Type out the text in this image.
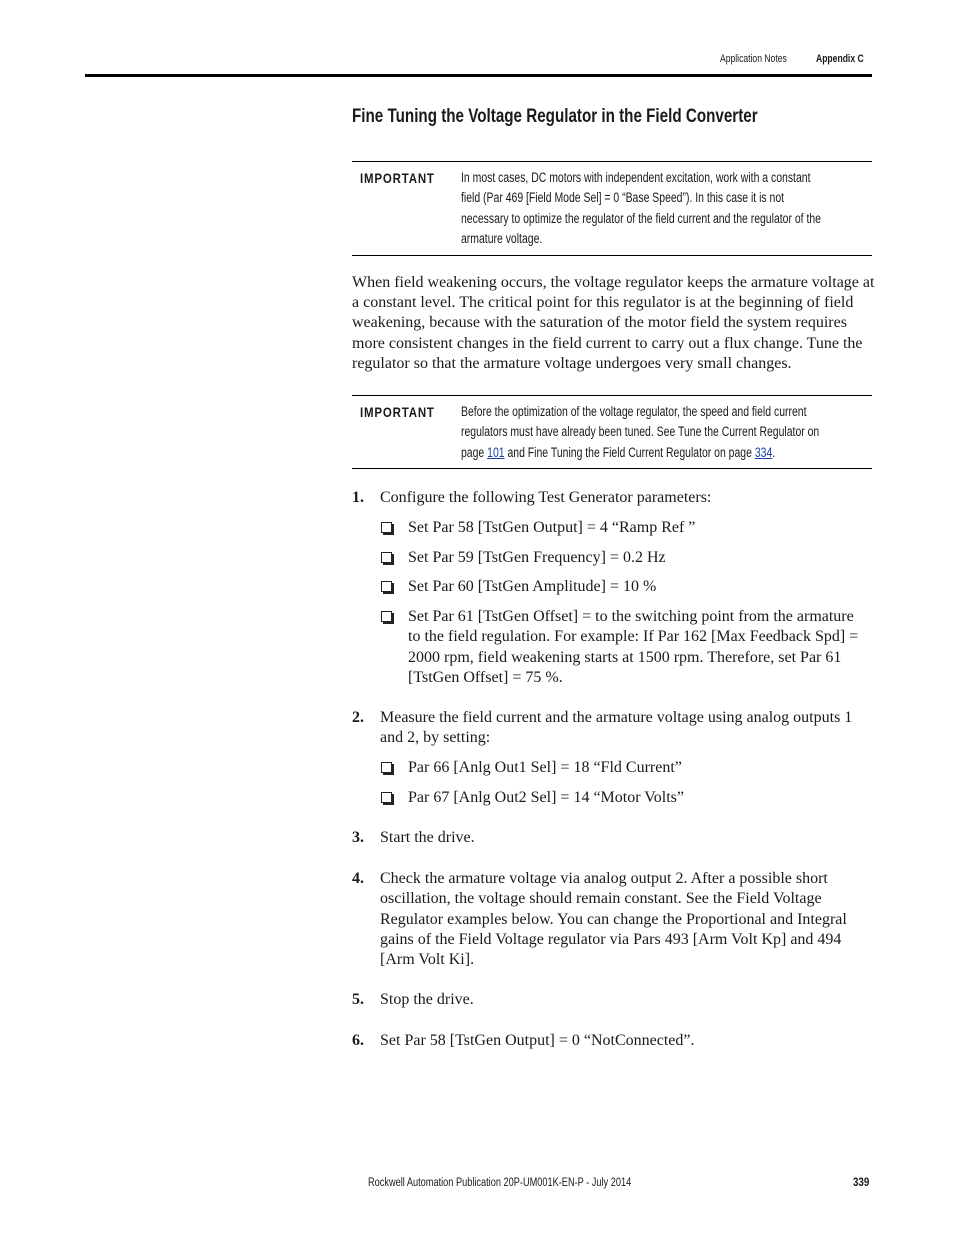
Application Notes	Appendix C
Fine Tuning the Voltage Regulator in the Field Converter
IMPORTANT	In most cases, DC motors with independent excitation, work with a constant
field (Par 469 [Field Mode Sel] = 0 “Base Speed”). In this case it is not
necessary to optimize the regulator of the field current and the regulator of the
armature voltage.
When field weakening occurs, the voltage regulator keeps the armature voltage at
a constant level. The critical point for this regulator is at the beginning of field
weakening, because with the saturation of the motor field the system requires
more consistent changes in the field current to carry out a flux change. Tune the
regulator so that the armature voltage undergoes very small changes.
IMPORTANT	Before the optimization of the voltage regulator, the speed and field current
regulators must have already been tuned. See Tune the Current Regulator on
page 101 and Fine Tuning the Field Current Regulator on page 334.
1. Configure the following Test Generator parameters:
Set Par 58 [TstGen Output] = 4 “Ramp Ref ”
Set Par 59 [TstGen Frequency] = 0.2 Hz
Set Par 60 [TstGen Amplitude] = 10 %
Set Par 61 [TstGen Offset] = to the switching point from the armature
to the field regulation. For example: If Par 162 [Max Feedback Spd] =
2000 rpm, field weakening starts at 1500 rpm. Therefore, set Par 61
[TstGen Offset] = 75 %.
2. Measure the field current and the armature voltage using analog outputs 1
and 2, by setting:
Par 66 [Anlg Out1 Sel] = 18 “Fld Current”
Par 67 [Anlg Out2 Sel] = 14 “Motor Volts”
3. Start the drive.
4. Check the armature voltage via analog output 2. After a possible short
oscillation, the voltage should remain constant. See the Field Voltage
Regulator examples below. You can change the Proportional and Integral
gains of the Field Voltage regulator via Pars 493 [Arm Volt Kp] and 494
[Arm Volt Ki].
5. Stop the drive.
6. Set Par 58 [TstGen Output] = 0 “NotConnected”.
Rockwell Automation Publication 20P-UM001K-EN-P - July 2014	339
